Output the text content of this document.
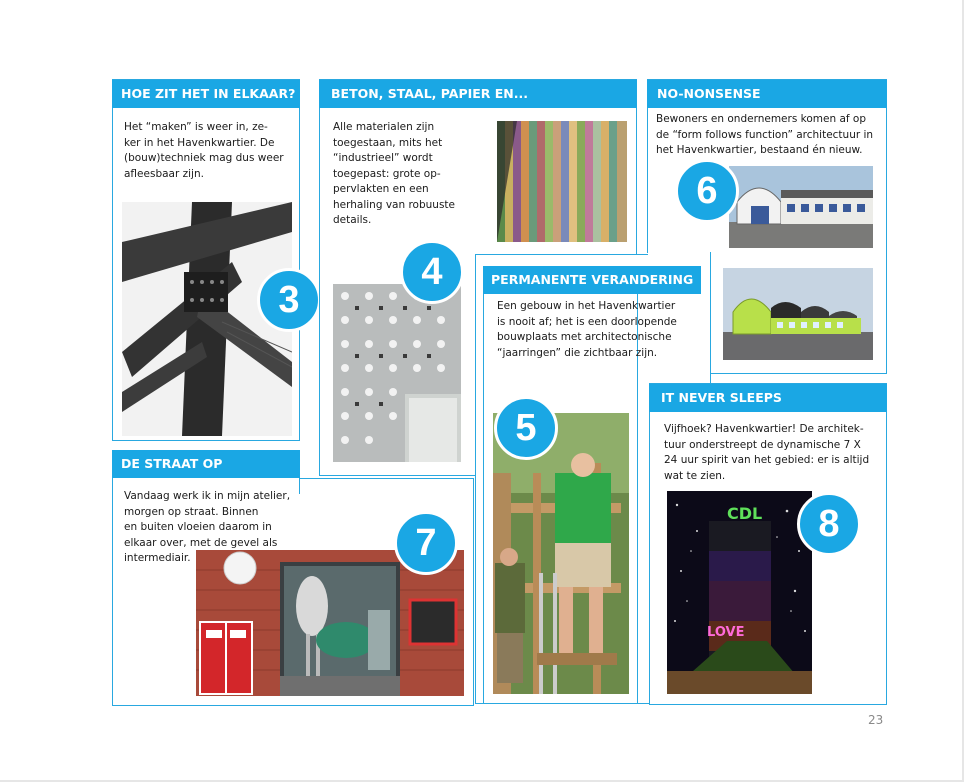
HOE ZIT HET IN ELKAAR?
Het “maken” is weer in, ze-
ker in het Havenkwartier. De
(bouw)techniek mag dus weer
afleesbaar zijn.
3
DE STRAAT OP
Vandaag werk ik in mijn atelier,
morgen op straat. Binnen
en buiten vloeien daarom in
elkaar over, met de gevel als
intermediair.	7
BETON, STAAL, PAPIER EN...
Alle materialen zijn
toegestaan, mits het
“industrieel” wordt
toegepast: grote op-
pervlakten en een
herhaling van robuuste
details.
4	PERMANENTE VERANDERING
Een gebouw in het Havenkwartier
is nooit af; het is een doorlopende
bouwplaats met architectonische
“jaarringen” die zichtbaar zijn.
5
NO-NONSENSE
Bewoners en ondernemers komen af op
de “form follows function” architectuur in
het Havenkwartier, bestaand én nieuw.
6
IT NEVER SLEEPS
Vijfhoek? Havenkwartier! De architek-
tuur onderstreept de dynamische 7 X
24 uur spirit van het gebied: er is altijd
wat te zien.
CDL
LOVE
8
23
